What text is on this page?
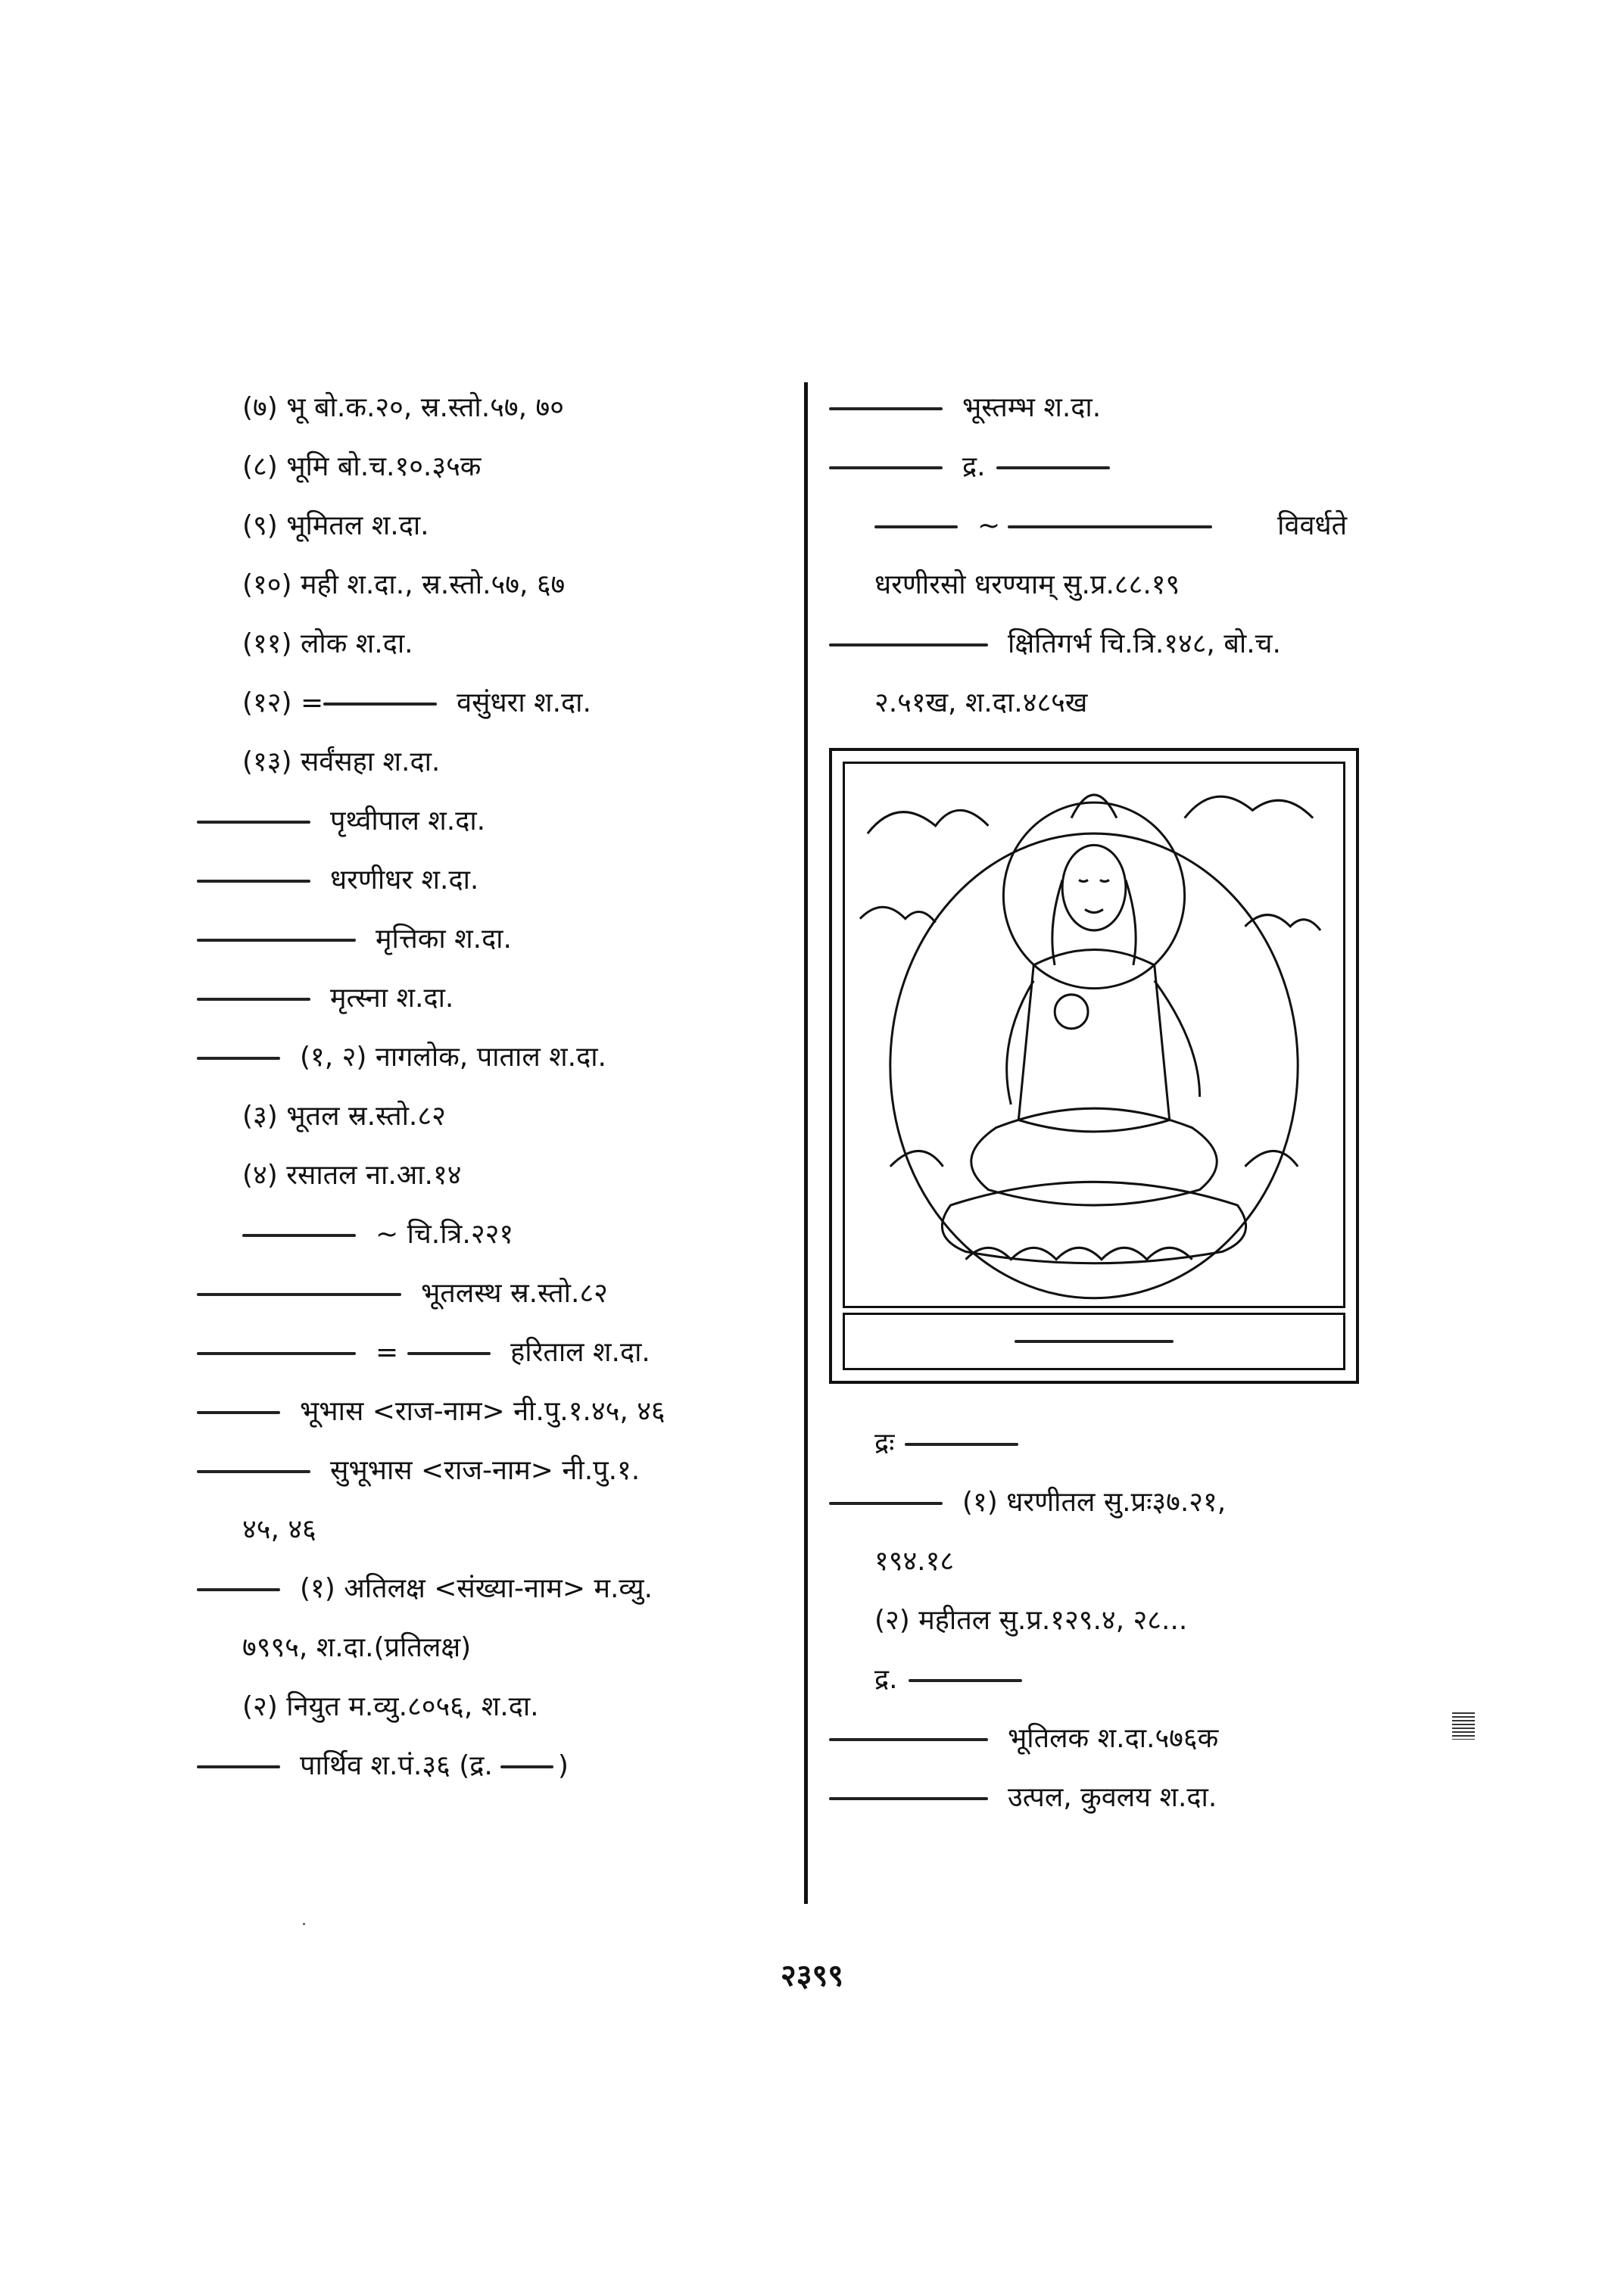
(७) भू बो.क.२०, स्र.स्तो.५७, ७०
(८) भूमि बो.च.१०.३५क
(९) भूमितल श.दा.
(१०) मही श.दा., स्र.स्तो.५७, ६७
(११) लोक श.दा.
(१२) =	वसुंधरा श.दा.
(१३) सर्वंसहा श.दा.
पृथ्वीपाल श.दा.
धरणीधर श.दा.
मृत्तिका श.दा.
मृत्स्ना श.दा.
(१, २) नागलोक, पाताल श.दा.
(३) भूतल स्र.स्तो.८२
(४) रसातल ना.आ.१४
~ चि.त्रि.२२१
भूतलस्थ स्र.स्तो.८२
=	हरिताल श.दा.
भूभास <राज-नाम> नी.पु.१.४५, ४६
सुभूभास <राज-नाम> नी.पु.१.
४५, ४६
(१) अतिलक्ष <संख्या-नाम> म.व्यु.
७९९५, श.दा.(प्रतिलक्ष)
(२) नियुत म.व्यु.८०५६, श.दा.
पार्थिव श.पं.३६ (द्र. )
भूस्तम्भ श.दा.
द्र.
~	विवर्धते
धरणीरसो धरण्याम् सु.प्र.८८.१९
क्षितिगर्भ चि.त्रि.१४८, बो.च.
२.५१ख, श.दा.४८५ख
द्रः
(१) धरणीतल सु.प्रः३७.२१,
१९४.१८
(२) महीतल सु.प्र.१२९.४, २८...
द्र.
भूतिलक श.दा.५७६क
उत्पल, कुवलय श.दा.
२३९९
